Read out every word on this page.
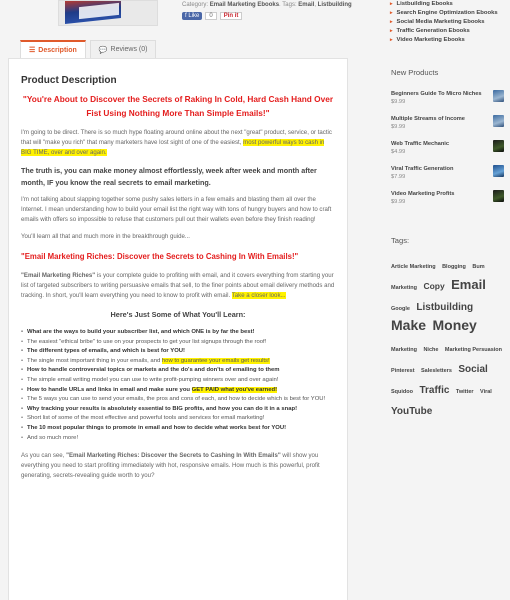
Category: Email Marketing Ebooks. Tags: Email, Listbuilding
f Like	0	Pin it
Product Description
"You're About to Discover the Secrets of Raking In Cold, Hard Cash Hand Over Fist Using Nothing More Than Simple Emails!"

I'm going to be direct. There is so much hype floating around online about the next "great" product, service, or tactic that will "make you rich" that many marketers have lost sight of one of the easiest, most powerful ways to cash in BIG TIME, over and over again.

The truth is, you can make money almost effortlessly, week after week and month after month, IF you know the real secrets to email marketing.

I'm not talking about slapping together some pushy sales letters in a few emails and blasting them all over the Internet. I mean understanding how to build your email list the right way with tons of hungry buyers and how to craft emails with offers so impossible to refuse that customers pull out their wallets even before they finish reading!

You'll learn all that and much more in the breakthrough guide...

"Email Marketing Riches: Discover the Secrets to Cashing In With Emails!"

"Email Marketing Riches" is your complete guide to profiting with email, and it covers everything from starting your list of targeted subscribers to writing persuasive emails that sell, to the finer points about email delivery methods and tracking. In short, you'll learn everything you need to know to profit with email. Take a closer look...

Here's Just Some of What You'll Learn:
• What are the ways to build your subscriber list, and which ONE is by far the best!
• The easiest "ethical bribe" to use on your prospects to get your list signups through the roof!
• The different types of emails, and which is best for YOU!
• The single most important thing in your emails, and how to guarantee your emails get results!
• How to handle controversial topics or markets and the do's and don'ts of emailing to them
• The simple email writing model you can use to write profit-pumping winners over and over again!
• How to handle URLs and links in email and make sure you GET PAID what you've earned!
• The 5 ways you can use to send your emails, the pros and cons of each, and how to decide which is best for YOU!
• Why tracking your results is absolutely essential to BIG profits, and how you can do it in a snap!
• Short list of some of the most effective and powerful tools and services for email marketing!
• The 10 most popular things to promote in email and how to decide what works best for YOU!
• And so much more!

As you can see, "Email Marketing Riches: Discover the Secrets to Cashing In With Emails" will show you everything you need to start profiting immediately with hot, responsive emails. How much is this powerful, profit generating, secrets-revealing guide worth to you?

☰ Description	💬 Reviews (0)
▸ Listbuilding Ebooks
▸ Search Engine Optimization Ebooks
▸ Social Media Marketing Ebooks
▸ Traffic Generation Ebooks
▸ Video Marketing Ebooks
New Products
Beginners Guide To Micro Niches
$9.99
Multiple Streams of Income
$9.99
Web Traffic Mechanic
$4.99
Viral Traffic Generation
$7.99
Video Marketing Profits
$9.99
Tags:
Article Marketing Blogging Bum Marketing Copy Email Google Listbuilding Make Money Marketing Niche Marketing Persuasion Pinterest Salesletters Social Squidoo Traffic Twitter Viral YouTube
